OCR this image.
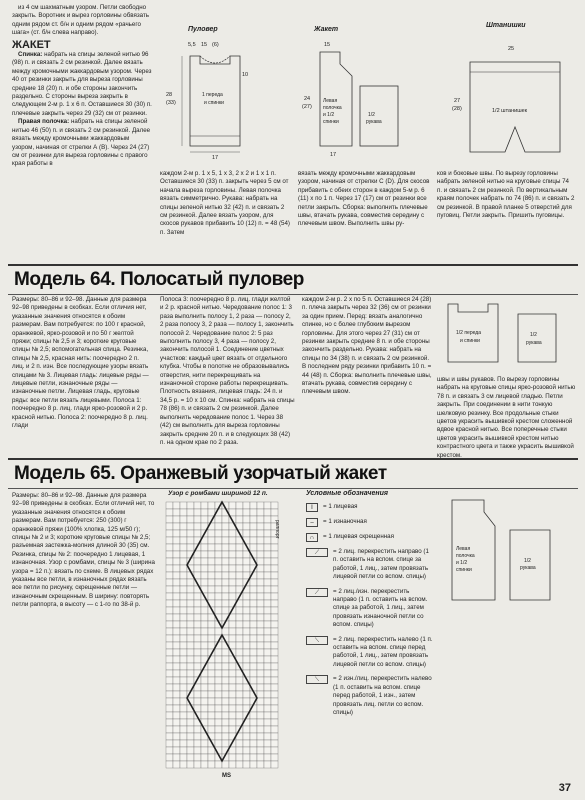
из 4 см шахматным узором. Петли свободно закрыть. Воротник и вырез горловины обвязать одним рядом ст. б/н и одним рядом «рачьего шага» (ст. б/н слева направо).

ЖАКЕТ

Спинка: набрать на спицы зеленой нитью 96 (98) п. и связать 2 см резинкой. Далее вязать между кромочными жаккардовым узором. Через 40 от резинки закрыть для вырезa горловины средние 18 (20) п. и обе стороны закончить раздельно. С стороны выреза закрыть в следующем 2-м р. 1 х 6 п. Оставшиеся 30 (30) п. плечевые закрыть через 29 (32) см от резинки.

Правая полочка: набрать на спицы зеленой нитью 46 (50) п. и связать 2 см резинкой. Далее вязать между кромочными жаккардовым узором, начиная от стрелки А (B). Через 24 (27) см от резинки для выреза горловины с правого края работы в

Пуловер
5,5 15 (6)
28
(33)
10
17
1 переда
и спинки
Жакет
Левая
полочка
и 1/2
спинки
1/2
рукава
15
24
(27)
17
Штанишки
25
27
(28)	1/2 штанишек

каждом 2-м р. 1 х 5, 1 х 3, 2 х 2 и 1 х 1 п. Оставшиеся 30 (33) п. закрыть через 5 см от начала выреза горловины. Левая полочка вязать симметрично. Рукава: набрать на спицы зеленой нитью 32 (42) п. и связать 2 см резинкой. Далее вязать узором, для скосов рукавов прибавить 10 (12) п. = 48 (54) п. Затем

вязать между кромочными жаккардовым узором, начиная от стрелки С (D). Для скосов прибавить с обеих сторон в каждом 5-м р. 6 (11) х по 1 п. Через 17 (17) см от резинки все петли закрыть. Сборка: выполнить плечевые швы, втачать рукава, совместив середину с плечевым швом. Выполнить швы ру-

ков и боковые швы. По вырезу горловины набрать зеленой нитью на круговые спицы 74 п. и связать 2 см резинкой. По вертикальным краям полочек набрать по 74 (86) п. и связать 2 см резинкой. В правой планке 5 отверстий для пуговиц. Петли закрыть. Пришить пуговицы.

Модель 64. Полосатый пуловер

Размеры: 80–86 и 92–98. Данные для размера 92–98 приведены в скобках. Если отличия нет, указанные значения относятся к обоим размерам. Вам потребуется: по 100 г красной, оранжевой, ярко-розовой и по 50 г желтой пряжи; спицы № 2,5 и 3; короткие круговые спицы № 2,5; вспомогательная спица. Резинка, спицы № 2,5, красная нить: поочередно 2 п. лиц. и 2 п. изн. Все последующие узоры вязать спицами № 3. Лицевая гладь: лицевые ряды — лицевые петли, изнаночные ряды — изнаночные петли. Лицевая гладь, круговые ряды: все петли вязать лицевыми. Полоса 1: поочередно 8 р. лиц. глади ярко-розовой и 2 р. красной нитью. Полоса 2: поочередно 8 р. лиц. глади

Полоса 3: поочередно 8 р. лиц. глади желтой и 2 р. красной нитью. Чередование полос 1: 3 раза выполнить полосу 1, 2 раза — полосу 2, 2 раза полосу 3, 2 раза — полосу 1, закончить полосой 2. Чередование полос 2: 5 раз выполнить полосу 3, 4 раза — полосу 2, закончить полосой 1. Соединение цветных участков: каждый цвет вязать от отдельного клубка. Чтобы в полотне не образовывались отверстия, нити перекрещивать на изнаночной стороне работы перекрещивать. Плотность вязания, лицевая гладь: 24 п. и 34,5 р. = 10 х 10 см. Спинка: набрать на спицы 78 (86) п. и связать 2 см резинкой. Далее выполнить чередование полос 1. Через 38 (42) см выполнить для выреза горловины закрыть средние 20 п. и в следующих 38 (42) п. на одном крае по 2 раза.

каждом 2-м р. 2 х по 5 п. Оставшиеся 24 (28) п. плеча закрыть через 32 (36) см от резинки за один прием. Перед: вязать аналогично спинке, но с более глубоким вырезом горловины. Для этого через 27 (31) см от резинки закрыть средние 8 п. и обе стороны закончить раздельно. Рукава: набрать на спицы по 34 (38) п. и связать 2 см резинкой. В последнем ряду резинки прибавить 10 п. = 44 (48) п. Сборка: выполнить плечевые швы, втачать рукава, совместив середину с плечевым швом.

1/2 переда
и спинки
1/2
рукава

швы и швы рукавов. По вырезу горловины набрать на круговые спицы ярко-розовой нитью 78 п. и связать 3 см лицевой гладью. Петли закрыть. При соединении в нити тонкую шелковую резинку. Все продольные стыки цветов украсить вышивкой крестом сложенной вдвое красной нитью. Все поперечные стыки цветов украсить вышивкой крестом нитью контрастного цвета и также украсить вышивкой крестом.

Модель 65. Оранжевый узорчатый жакет

Размеры: 80–86 и 92–98. Данные для размера 92–98 приведены в скобках. Если отличий нет, то указанные значения относятся к обоим размерам. Вам потребуется: 250 (300) г оранжевой пряжи (100% хлопка, 125 м/50 г); спицы № 2 и 3; короткие круговые спицы № 2,5; разъемная застежка-молния длиной 30 (35) см. Резинка, спицы № 2: поочередно 1 лицевая, 1 изнаночная. Узор с ромбами, спицы № 3 (ширина узора = 12 п.): вязать по схеме. В лицевых рядах указаны все петли, в изнаночных рядах вязать все петли по рисунку, скрещенные петли — изнаночным скрещенным. В ширину: повторять петли раппорта, в высоту — с 1-го по 38-й р.

Узор с ромбами шириной 12 п.
MS
раппорт
Условные обозначения
I	= 1 лицевая
–	= 1 изнаночная
∩	= 1 лицевая скрещенная
⟋	= 2 лиц. перекрестить направо (1 п. оставить на вспом. спице за работой, 1 лиц., затем провязать лицевой петли со вспом. спицы)
⟋	= 2 лиц./изн. перекрестить направо (1 п. оставить на вспом. спице за работой, 1 лиц., затем провязать изнаночной петли со вспом. спицы)
⟍	= 2 лиц. перекрестить налево (1 п. оставить на вспом. спице перед работой, 1 лиц., затем провязать лицевой петли со вспом. спицы)
⟍	= 2 изн./лиц. перекрестить налево (1 п. оставить на вспом. спице перед работой, 1 изн., затем провязать лиц. петли со вспом. спицы)
Левая
полочка
и 1/2
спинки
1/2
рукава
37
